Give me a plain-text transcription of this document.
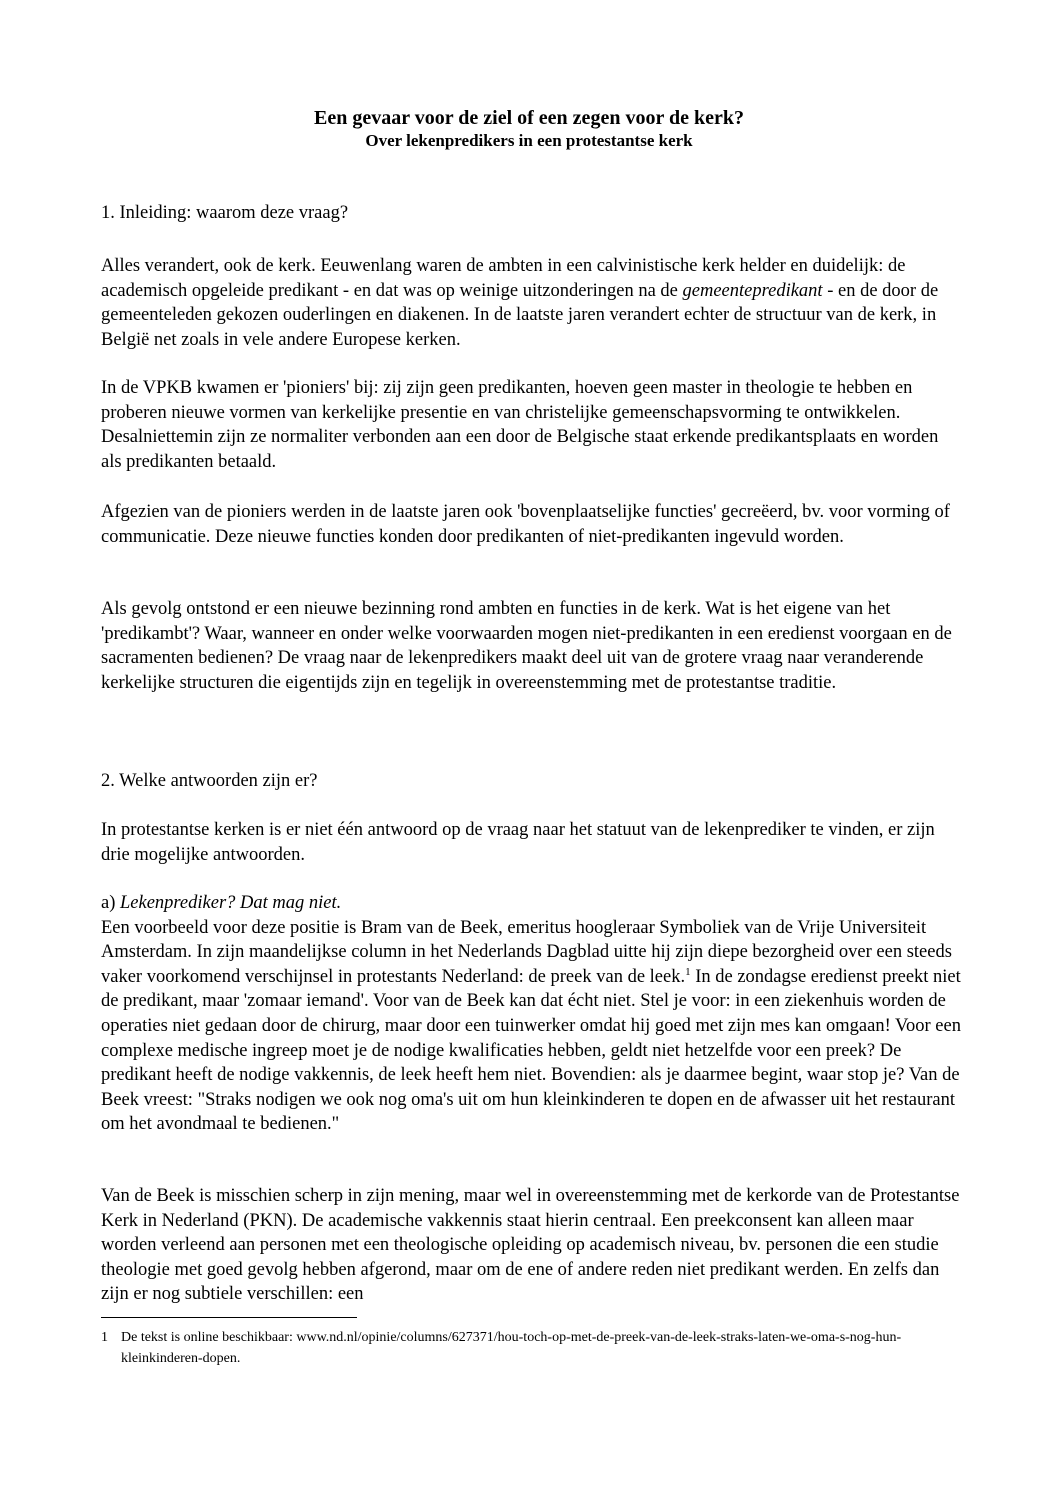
Een gevaar voor de ziel of een zegen voor de kerk?

Over lekenpredikers in een protestantse kerk

1. Inleiding: waarom deze vraag?

Alles verandert, ook de kerk. Eeuwenlang waren de ambten in een calvinistische kerk helder en duidelijk: de academisch opgeleide predikant - en dat was op weinige uitzonderingen na de gemeentepredikant - en de door de gemeenteleden gekozen ouderlingen en diakenen. In de laatste jaren verandert echter de structuur van de kerk, in België net zoals in vele andere Europese kerken.

In de VPKB kwamen er 'pioniers' bij: zij zijn geen predikanten, hoeven geen master in theologie te hebben en proberen nieuwe vormen van kerkelijke presentie en van christelijke gemeenschapsvorming te ontwikkelen. Desalniettemin zijn ze normaliter verbonden aan een door de Belgische staat erkende predikantsplaats en worden als predikanten betaald.

Afgezien van de pioniers werden in de laatste jaren ook 'bovenplaatselijke functies' gecreëerd, bv. voor vorming of communicatie. Deze nieuwe functies konden door predikanten of niet-predikanten ingevuld worden.

Als gevolg ontstond er een nieuwe bezinning rond ambten en functies in de kerk. Wat is het eigene van het 'predikambt'? Waar, wanneer en onder welke voorwaarden mogen niet-predikanten in een eredienst voorgaan en de sacramenten bedienen? De vraag naar de lekenpredikers maakt deel uit van de grotere vraag naar veranderende kerkelijke structuren die eigentijds zijn en tegelijk in overeenstemming met de protestantse traditie.

2. Welke antwoorden zijn er?

In protestantse kerken is er niet één antwoord op de vraag naar het statuut van de lekenprediker te vinden, er zijn drie mogelijke antwoorden.

a) Lekenprediker? Dat mag niet.

Een voorbeeld voor deze positie is Bram van de Beek, emeritus hoogleraar Symboliek van de Vrije Universiteit Amsterdam. In zijn maandelijkse column in het Nederlands Dagblad uitte hij zijn diepe bezorgheid over een steeds vaker voorkomend verschijnsel in protestants Nederland: de preek van de leek.$^1$ In de zondagse eredienst preekt niet de predikant, maar 'zomaar iemand'. Voor van de Beek kan dat écht niet. Stel je voor: in een ziekenhuis worden de operaties niet gedaan door de chirurg, maar door een tuinwerker omdat hij goed met zijn mes kan omgaan! Voor een complexe medische ingreep moet je de nodige kwalificaties hebben, geldt niet hetzelfde voor een preek? De predikant heeft de nodige vakkennis, de leek heeft hem niet. Bovendien: als je daarmee begint, waar stop je? Van de Beek vreest: "Straks nodigen we ook nog oma's uit om hun kleinkinderen te dopen en de afwasser uit het restaurant om het avondmaal te bedienen."

Van de Beek is misschien scherp in zijn mening, maar wel in overeenstemming met de kerkorde van de Protestantse Kerk in Nederland (PKN). De academische vakkennis staat hierin centraal. Een preekconsent kan alleen maar worden verleend aan personen met een theologische opleiding op academisch niveau, bv. personen die een studie theologie met goed gevolg hebben afgerond, maar om de ene of andere reden niet predikant werden. En zelfs dan zijn er nog subtiele verschillen: een

1 De tekst is online beschikbaar: www.nd.nl/opinie/columns/627371/hou-toch-op-met-de-preek-van-de-leek-straks-laten-we-oma-s-nog-hun-kleinkinderen-dopen.
